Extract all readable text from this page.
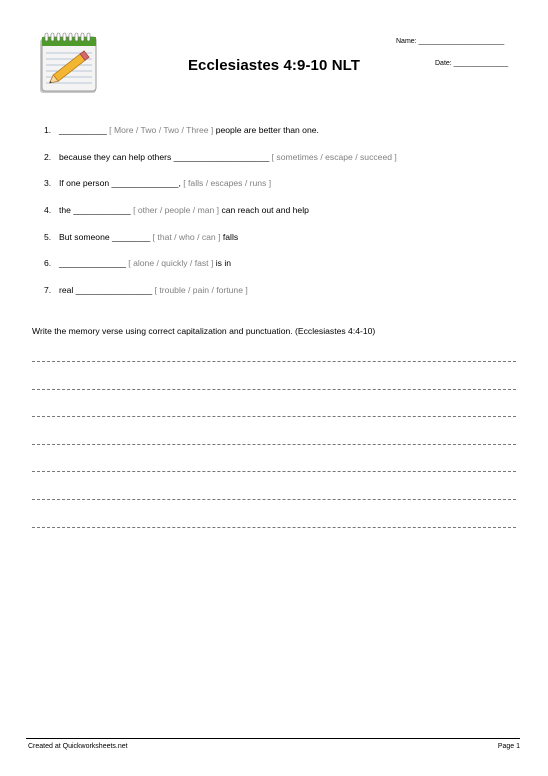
Ecclesiastes 4:9-10 NLT
Name: ______________________
Date: ______________
1. __________ [ More / Two / Two / Three ] people are better than one.
2. because they can help others ____________________ [ sometimes / escape / succeed ]
3. If one person ______________, [ falls / escapes / runs ]
4. the ____________ [ other / people / man ] can reach out and help
5. But someone ________ [ that / who / can ] falls
6. ______________ [ alone / quickly / fast ] is in
7. real ________________ [ trouble / pain / fortune ]
Write the memory verse using correct capitalization and punctuation. (Ecclesiastes 4:4-10)
Created at Quickworksheets.net	Page 1
